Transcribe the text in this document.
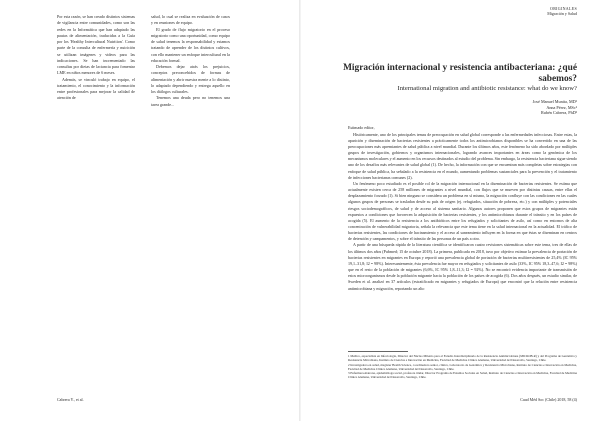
Por esta razón, se han creado distintos sistemas de vigilancia entre comunidades, como son las redes en la Informática que han adaptado las pautas de alimentación, traducidas a la Guía por los 'Healthy Intercultural Nutrition'. Como parte de la consulta de enfermería y nutrición se utilizan imágenes y videos para las indicaciones. Se han incrementado las consultas por dietas de lactancia para fomentar LME en niños menores de 6 meses.

Además, se vinculó trabajo en equipo, el tratamiento, el conocimiento y la información entre profesionales para mejorar la calidad de atención de

salud, lo cual se realiza en evaluación de casos y en reuniones de equipo.

El grado de flujo migratorio en el proceso migratorio como una oportunidad, como equipo de salud tenemos la responsabilidad y estamos tratando de aprender de los distintos cultivos, con ello mantener un enfoque intercultural en la educación formal.

Debemos dejar atrás los prejuicios, conceptos preconcebidos de formas de alimentación y abrir nuestra mente a lo distinto, lo adaptado dependiendo y entrega aquello en los diálogos culturales.

Tenemos una deuda pero no tenemos una tarea grande...

Cabrera Y., et al.
ORIGINALES
Migración y Salud
Migración internacional y resistencia antibacteriana: ¿qué sabemos?
International migration and antibiotic resistance: what do we know?
José Manuel Munita, MD¹
Anna Pérez, MSc²
Rubén Cabrera, PhD³

Estimado editor,

Históricamente, uno de los principales temas de preocupación en salud global corresponde a las enfermedades infecciosas. Entre estas, la aparición y diseminación de bacterias resistentes a prácticamente todos los antimicrobianos disponibles se ha convertido en una de las preocupaciones más apremiantes de salud pública a nivel mundial. Durante los últimos años, este fenómeno ha sido abordado por múltiples grupos de investigación, gobiernos y organismos internacionales, logrando avances importantes en áreas como la genómica de los mecanismos moleculares y el aumento en los recursos destinados al estudio del problema. Sin embargo, la resistencia bacteriana sigue siendo uno de los desafíos más relevantes de salud global (1). De hecho, la información con que se encuentran más completas sobre estrategias con enfoque de salud pública, ha señalado a la resistencia en el mundo, aumentando problemas sustanciales para la prevención y el tratamiento de infecciones bacterianas comunes (2).

Un fenómeno poco estudiado es el posible rol de la migración internacional en la diseminación de bacterias resistentes. Se estima que actualmente existen cerca de 258 millones de migrantes a nivel mundial, con flujos que se mueven por distintas causas, entre ellas el desplazamiento forzado (1). Si bien ninguno se considera un problema en sí mismo, la migración confluye con las condiciones en las cuales algunos grupos de personas se trasladan desde su país de origen (ej. refugiados, situación de pobreza, etc.) y con múltiples y potenciales riesgos sociodemográficos, de salud y de acceso al sistema sanitario. Algunos autores proponen que estos grupos de migrantes están expuestos a condiciones que favorecen la adquisición de bacterias resistentes, y los antimicrobianos durante el tránsito y en los países de acogida (5). El aumento de la resistencia a los antibióticos entre los refugiados y solicitantes de asilo, así como en entornos de alta concentración de vulnerabilidad migratoria, señala la relevancia que este tema tiene en la salud internacional en la actualidad. El tráfico de bacterias resistentes, las condiciones de hacinamiento y el acceso al saneamiento influyen en la forma en que éstas se diseminan en centros de detención y campamentos, y sobre el tránsito de las personas de un país a otro.

A partir de una búsqueda rápida de la literatura científica se identificaron cuatro revisiones sistemáticas sobre este tema, tres de ellas de los últimos dos años (Pubmed; 15 de octubre 2018). La primera, publicada en 2018, tuvo por objetivo estimar la prevalencia de portación de bacterias resistentes en migrantes en Europa y reportó una prevalencia global de portación de bacterias multirresistentes de 25,4% (IC 95% 19,1–31,8; I2 = 98%). Interesantemente, ésta prevalencia fue mayor en refugiados y solicitantes de asilo (33%, IC 95% 18,3–47,6; I2 = 98%) que en el resto de la población de migrantes (6,6%, IC 95% 1,8–11,3; I2 = 92%). No se encontró evidencia importante de transmisión de estos microorganismos desde la población migrante hacia la población de los países de acogida (6). Dos años después, un estudio similar, de Sweden et al. analizó en 37 artículos (estratificado en migrantes y refugiados de Europa) que encontró que la relación entre resistencia antimicrobiana y migración, reportando un alto

1 Médico, especialista en Infectología, Director del Núcleo Milenio para el Estudio Interdisciplinario de la Resistencia Antimicrobiana (MICROB-R) y del Programa de Genómica y Resistencia Microbiana, Instituto de Ciencias e Innovación en Medicina, Facultad de Medicina Clínica Alemana, Universidad del Desarrollo, Santiago, Chile.

2 Investigadora en salud, magíster Health Science, coordinadora senior, clínica, Laboratorio de Genómica y Resistencia Microbiana, Instituto de Ciencias e Innovación en Medicina, Facultad de Medicina Clínica Alemana, Universidad del Desarrollo, Santiago, Chile.

3 Enfermera-matrona, epidemióloga social, profesora titular, Director Programa de Estudios Sociales en Salud, Instituto de Ciencias e Innovación en Medicina, Facultad de Medicina Clínica Alemana, Universidad del Desarrollo, Santiago, Chile.

Cuad Méd Soc (Chile) 2018, 58 (4)
